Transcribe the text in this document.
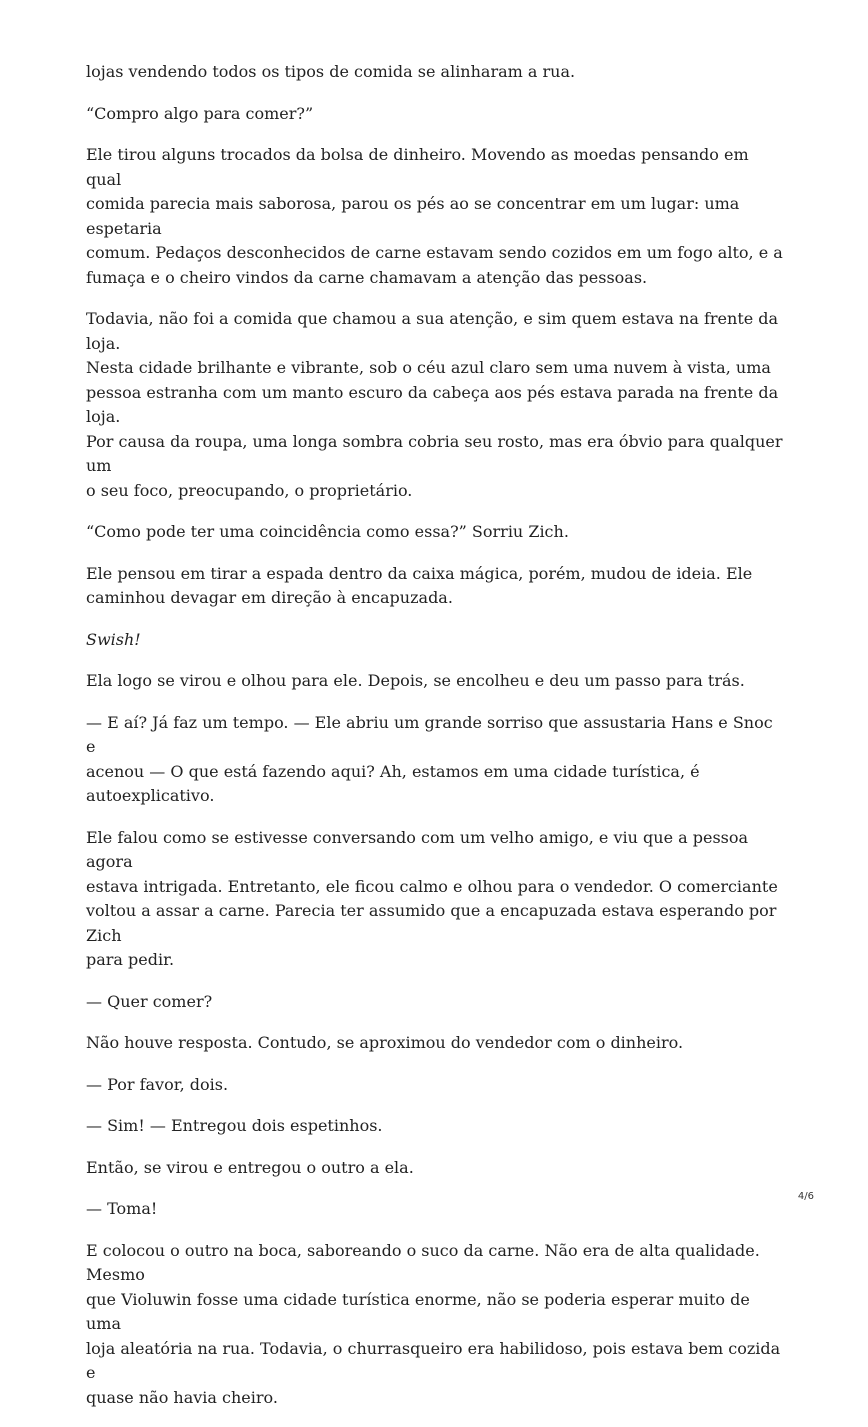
lojas vendendo todos os tipos de comida se alinharam a rua.

“Compro algo para comer?”

Ele tirou alguns trocados da bolsa de dinheiro. Movendo as moedas pensando em qual
comida parecia mais saborosa, parou os pés ao se concentrar em um lugar: uma espetaria
comum. Pedaços desconhecidos de carne estavam sendo cozidos em um fogo alto, e a
fumaça e o cheiro vindos da carne chamavam a atenção das pessoas.

Todavia, não foi a comida que chamou a sua atenção, e sim quem estava na frente da loja.
Nesta cidade brilhante e vibrante, sob o céu azul claro sem uma nuvem à vista, uma
pessoa estranha com um manto escuro da cabeça aos pés estava parada na frente da loja.
Por causa da roupa, uma longa sombra cobria seu rosto, mas era óbvio para qualquer um
o seu foco, preocupando, o proprietário.

“Como pode ter uma coincidência como essa?” Sorriu Zich.

Ele pensou em tirar a espada dentro da caixa mágica, porém, mudou de ideia. Ele
caminhou devagar em direção à encapuzada.

Swish!

Ela logo se virou e olhou para ele. Depois, se encolheu e deu um passo para trás.

— E aí? Já faz um tempo. — Ele abriu um grande sorriso que assustaria Hans e Snoc e
acenou — O que está fazendo aqui? Ah, estamos em uma cidade turística, é
autoexplicativo.

Ele falou como se estivesse conversando com um velho amigo, e viu que a pessoa agora
estava intrigada. Entretanto, ele ficou calmo e olhou para o vendedor. O comerciante
voltou a assar a carne. Parecia ter assumido que a encapuzada estava esperando por Zich
para pedir.

— Quer comer?

Não houve resposta. Contudo, se aproximou do vendedor com o dinheiro.

— Por favor, dois.

— Sim! — Entregou dois espetinhos.

Então, se virou e entregou o outro a ela.

— Toma!

E colocou o outro na boca, saboreando o suco da carne. Não era de alta qualidade. Mesmo
que Violuwin fosse uma cidade turística enorme, não se poderia esperar muito de uma
loja aleatória na rua. Todavia, o churrasqueiro era habilidoso, pois estava bem cozida e
quase não havia cheiro.

4/6
